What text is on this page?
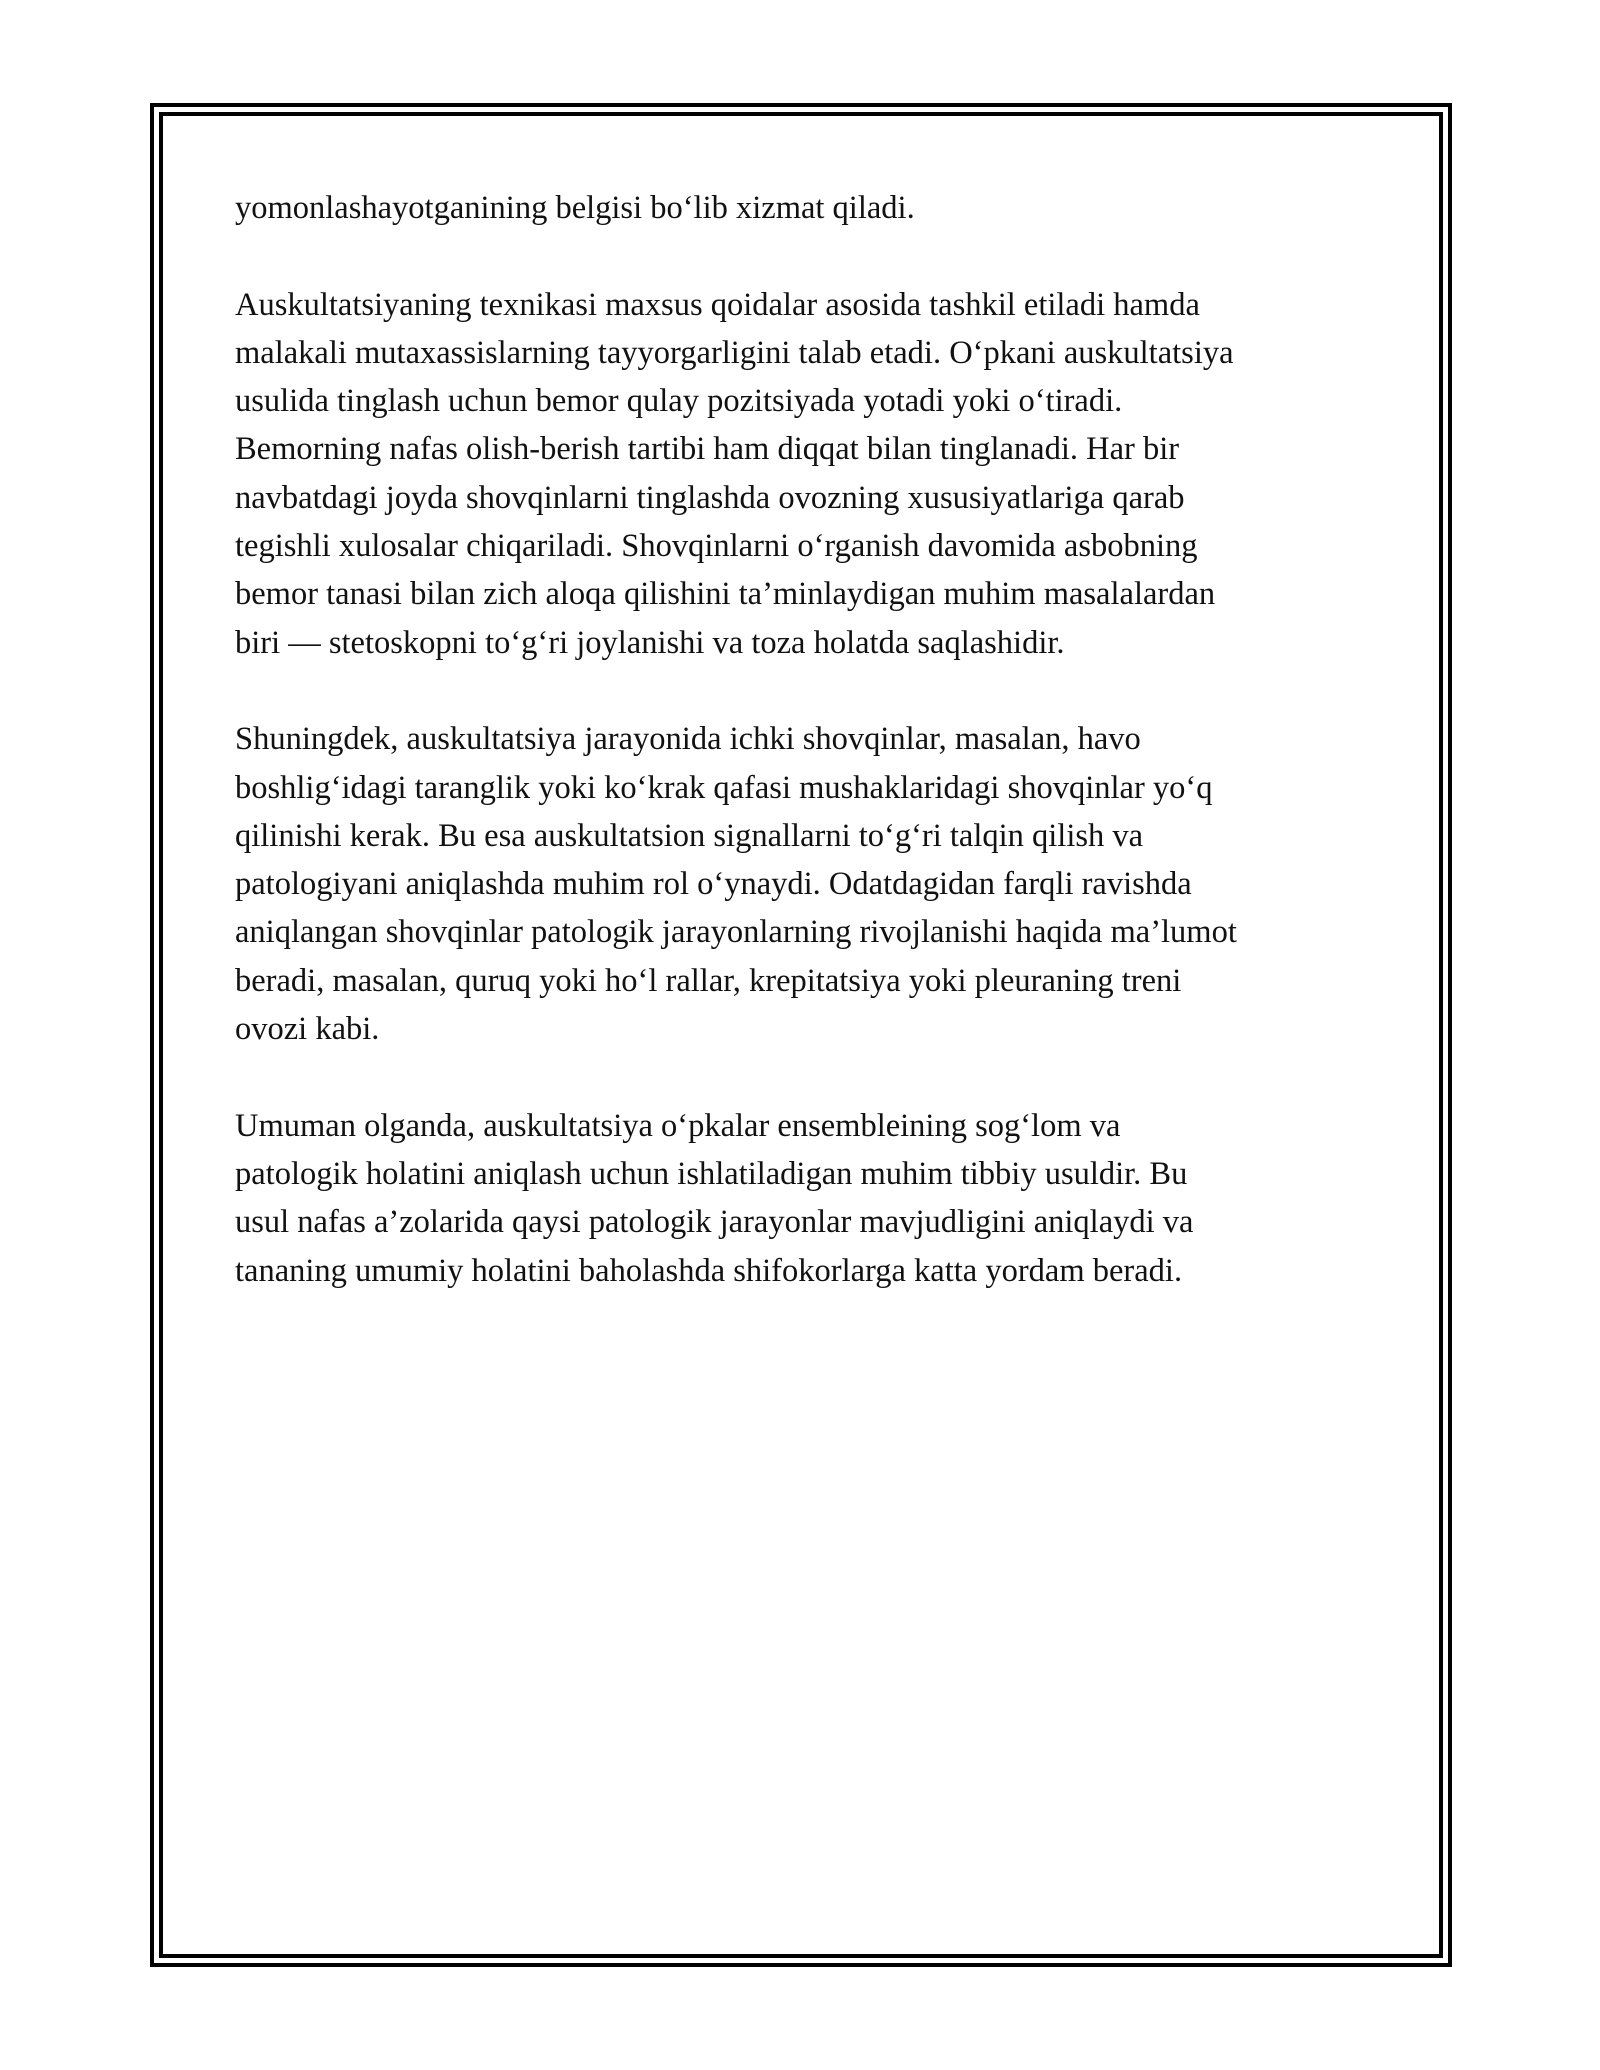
yomonlashayotganining belgisi bo‘lib xizmat qiladi.

Auskultatsiyaning texnikasi maxsus qoidalar asosida tashkil etiladi hamda
malakali mutaxassislarning tayyorgarligini talab etadi. O‘pkani auskultatsiya
usulida tinglash uchun bemor qulay pozitsiyada yotadi yoki o‘tiradi.
Bemorning nafas olish-berish tartibi ham diqqat bilan tinglanadi. Har bir
navbatdagi joyda shovqinlarni tinglashda ovozning xususiyatlariga qarab
tegishli xulosalar chiqariladi. Shovqinlarni o‘rganish davomida asbobning
bemor tanasi bilan zich aloqa qilishini ta’minlaydigan muhim masalalardan
biri — stetoskopni to‘g‘ri joylanishi va toza holatda saqlashidir.

Shuningdek, auskultatsiya jarayonida ichki shovqinlar, masalan, havo
boshlig‘idagi taranglik yoki ko‘krak qafasi mushaklaridagi shovqinlar yo‘q
qilinishi kerak. Bu esa auskultatsion signallarni to‘g‘ri talqin qilish va
patologiyani aniqlashda muhim rol o‘ynaydi. Odatdagidan farqli ravishda
aniqlangan shovqinlar patologik jarayonlarning rivojlanishi haqida ma’lumot
beradi, masalan, quruq yoki ho‘l rallar, krepitatsiya yoki pleuraning treni
ovozi kabi.

Umuman olganda, auskultatsiya o‘pkalar ensembleining sog‘lom va
patologik holatini aniqlash uchun ishlatiladigan muhim tibbiy usuldir. Bu
usul nafas a’zolarida qaysi patologik jarayonlar mavjudligini aniqlaydi va
tananing umumiy holatini baholashda shifokorlarga katta yordam beradi.
